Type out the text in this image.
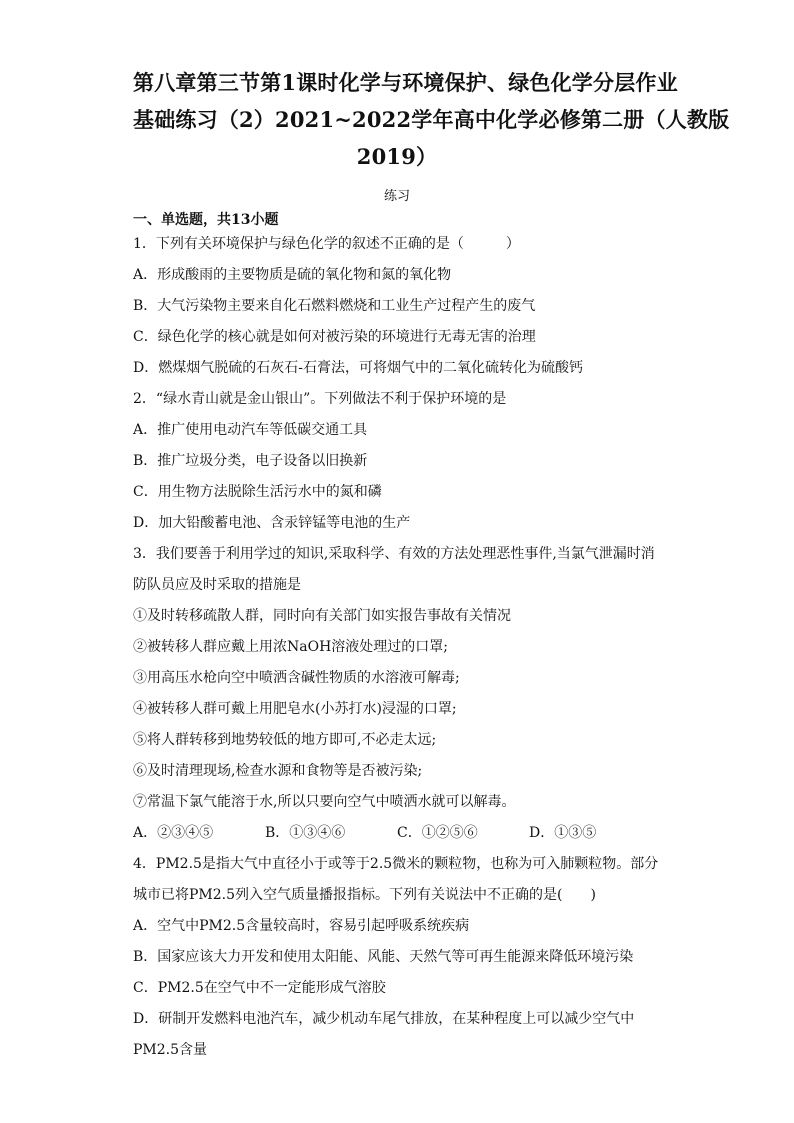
第八章第三节第1课时化学与环境保护、绿色化学分层作业
基础练习（2）2021~2022学年高中化学必修第二册（人教版
2019）
练习
一、单选题，共13小题
1．下列有关环境保护与绿色化学的叙述不正确的是（　　　）
A．形成酸雨的主要物质是硫的氧化物和氮的氧化物
B．大气污染物主要来自化石燃料燃烧和工业生产过程产生的废气
C．绿色化学的核心就是如何对被污染的环境进行无毒无害的治理
D．燃煤烟气脱硫的石灰石-石膏法，可将烟气中的二氧化硫转化为硫酸钙
2．“绿水青山就是金山银山”。下列做法不利于保护环境的是
A．推广使用电动汽车等低碳交通工具
B．推广垃圾分类，电子设备以旧换新
C．用生物方法脱除生活污水中的氮和磷
D．加大铅酸蓄电池、含汞锌锰等电池的生产
3．我们要善于利用学过的知识,采取科学、有效的方法处理恶性事件,当氯气泄漏时消
防队员应及时采取的措施是
①及时转移疏散人群，同时向有关部门如实报告事故有关情况
②被转移人群应戴上用浓NaOH溶液处理过的口罩;
③用高压水枪向空中喷洒含碱性物质的水溶液可解毒;
④被转移人群可戴上用肥皂水(小苏打水)浸湿的口罩;
⑤将人群转移到地势较低的地方即可,不必走太远;
⑥及时清理现场,检查水源和食物等是否被污染;
⑦常温下氯气能溶于水,所以只要向空气中喷洒水就可以解毒。
A．②③④⑤	B．①③④⑥	C．①②⑤⑥	D．①③⑤
4．PM2.5是指大气中直径小于或等于2.5微米的颗粒物，也称为可入肺颗粒物。部分
城市已将PM2.5列入空气质量播报指标。下列有关说法中不正确的是(　　)
A．空气中PM2.5含量较高时，容易引起呼吸系统疾病
B．国家应该大力开发和使用太阳能、风能、天然气等可再生能源来降低环境污染
C．PM2.5在空气中不一定能形成气溶胶
D．研制开发燃料电池汽车，减少机动车尾气排放，在某种程度上可以减少空气中
PM2.5含量
